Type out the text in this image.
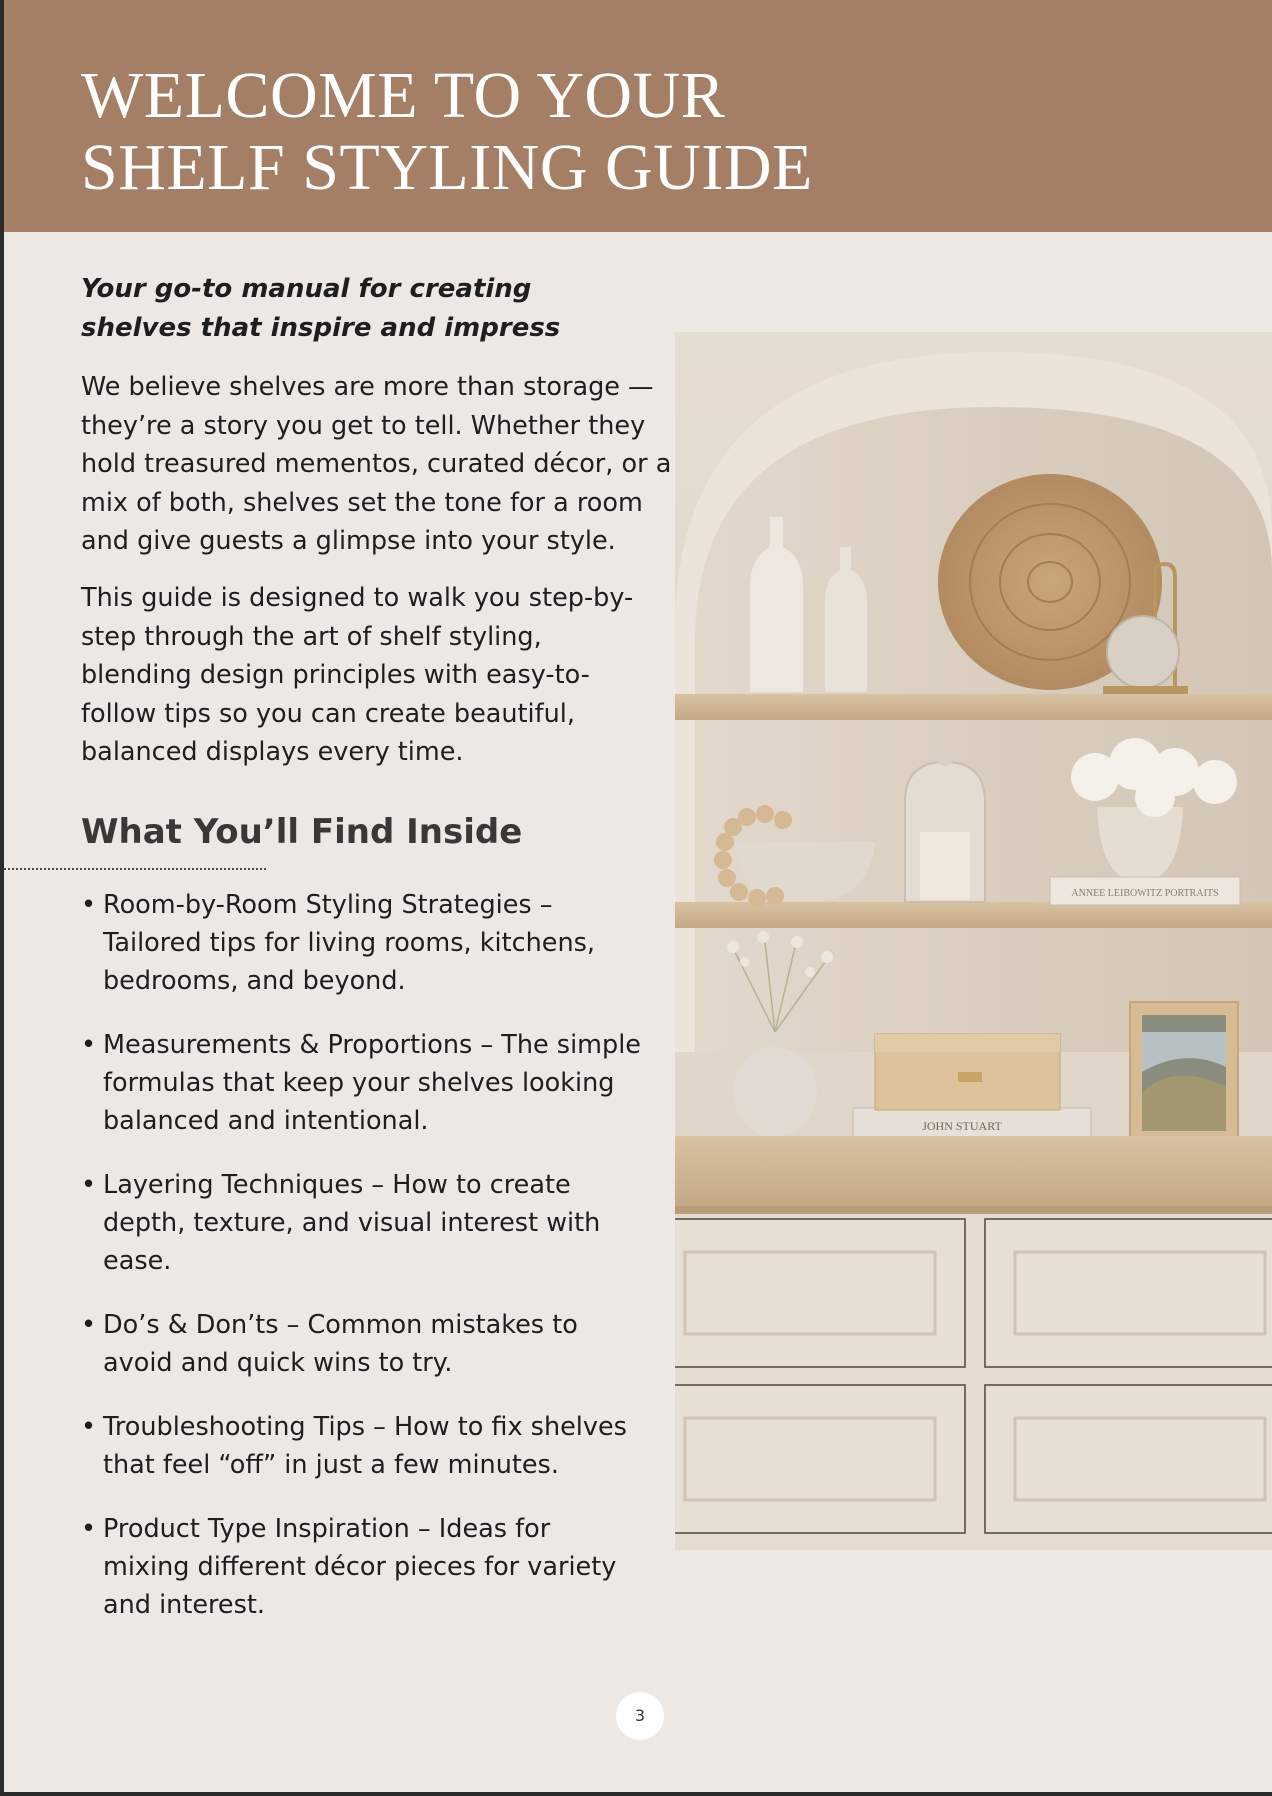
WELCOME TO YOUR
SHELF STYLING GUIDE

Your go-to manual for creating shelves that inspire and impress

We believe shelves are more than storage — they’re a story you get to tell. Whether they hold treasured mementos, curated décor, or a mix of both, shelves set the tone for a room and give guests a glimpse into your style.

This guide is designed to walk you step-by-step through the art of shelf styling, blending design principles with easy-to-follow tips so you can create beautiful, balanced displays every time.

What You’ll Find Inside
• Room-by-Room Styling Strategies – Tailored tips for living rooms, kitchens, bedrooms, and beyond.
• Measurements & Proportions – The simple formulas that keep your shelves looking balanced and intentional.
• Layering Techniques – How to create depth, texture, and visual interest with ease.
• Do’s & Don’ts – Common mistakes to avoid and quick wins to try.
• Troubleshooting Tips – How to fix shelves that feel “off” in just a few minutes.
• Product Type Inspiration – Ideas for mixing different décor pieces for variety and interest.
ANNEE LEIBOWITZ PORTRAITS
JOHN STUART
3
